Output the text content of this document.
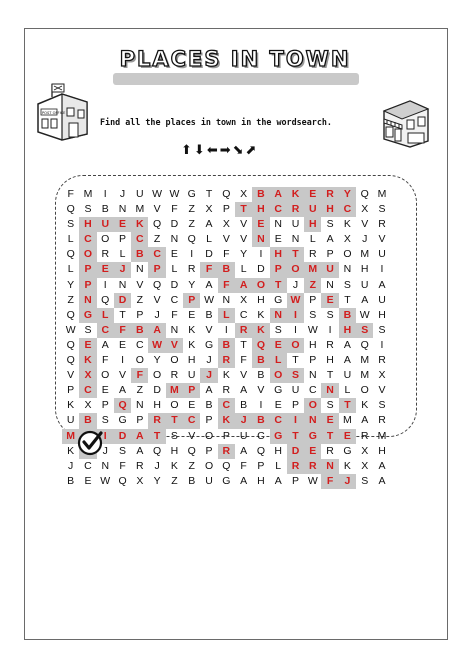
PLACES IN TOWN
POST OFFICE
Find all the places in town in the wordsearch.
⬆⬇⬅➡⬊⬈
F	M	I	J	U	W	W	G	T	Q	X	B	A	K	E	R	Y	Q	M
Q	S	B	N	M	V	F	Z	X	P	T	H	C	R	U	H	C	X	S
S	H	U	E	K	Q	D	Z	A	X	V	E	N	U	H	S	K	V	R
L	C	O	P	C	Z	N	Q	L	V	V	N	E	N	L	A	X	J	V
Q	O	R	L	B	C	E	I	D	F	Y	I	H	T	R	P	O	M	U
L	P	E	J	N	P	L	R	F	B	L	D	P	O	M	U	N	H	I
Y	P	I	N	V	Q	D	Y	A	F	A	O	T	J	Z	N	S	U	A
Z	N	Q	D	Z	V	C	P	W	N	X	H	G	W	P	E	T	A	U
Q	G	L	T	P	J	F	E	B	L	C	K	N	I	S	S	B	W	H
W	S	C	F	B	A	N	K	V	I	R	K	S	I	W	I	H	S	S
Q	E	A	E	C	W	V	K	G	B	T	Q	E	O	H	R	A	Q	I
Q	K	F	I	O	Y	O	H	J	R	F	B	L	T	P	H	A	M	R
V	X	O	V	F	O	R	U	J	K	V	B	O	S	N	T	U	M	X
P	C	E	A	Z	D	M	P	A	R	A	V	G	U	C	N	L	O	V
K	X	P	Q	N	H	O	E	B	C	B	I	E	P	O	S	T	K	S
U	B	S	G	P	R	T	C	P	K	J	B	C	I	N	E	M	A	R
M		I	D	A	T	S	V	O	P	U	C	G	T	G	T	E	R	M
K		J	S	A	Q	H	Q	P	R	A	Q	H	D	E	R	G	X	H
J	C	N	F	R	J	K	Z	O	Q	F	P	L	R	R	N	K	X	A
B	E	W	Q	X	Y	Z	B	U	G	A	H	A	P	W	F	J	S	A
